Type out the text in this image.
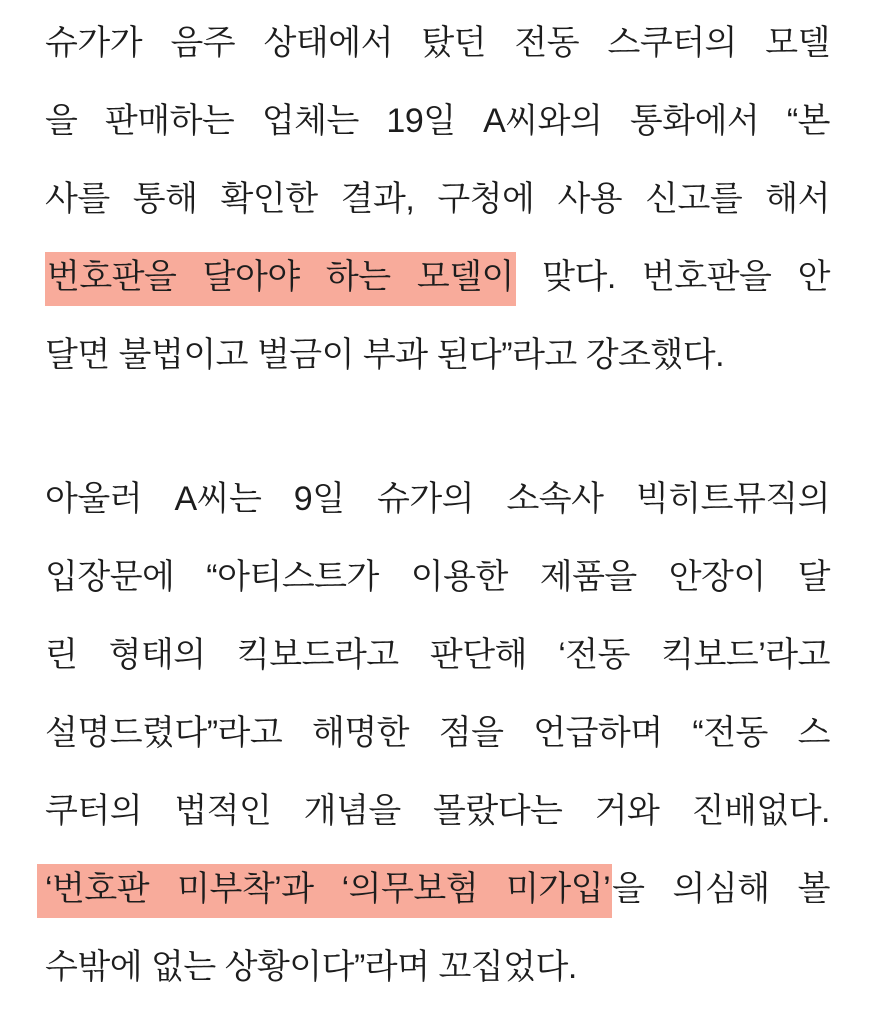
슈가가 음주 상태에서 탔던 전동 스쿠터의 모델
을 판매하는 업체는 19일 A씨와의 통화에서 “본
사를 통해 확인한 결과, 구청에 사용 신고를 해서
번호판을 달아야 하는 모델이 맞다. 번호판을 안
달면 불법이고 벌금이 부과 된다”라고 강조했다.
아울러 A씨는 9일 슈가의 소속사 빅히트뮤직의
입장문에 “아티스트가 이용한 제품을 안장이 달
린 형태의 킥보드라고 판단해 ‘전동 킥보드’라고
설명드렸다”라고 해명한 점을 언급하며 “전동 스
쿠터의 법적인 개념을 몰랐다는 거와 진배없다.
‘번호판 미부착’과 ‘의무보험 미가입’을 의심해 볼
수밖에 없는 상황이다”라며 꼬집었다.
